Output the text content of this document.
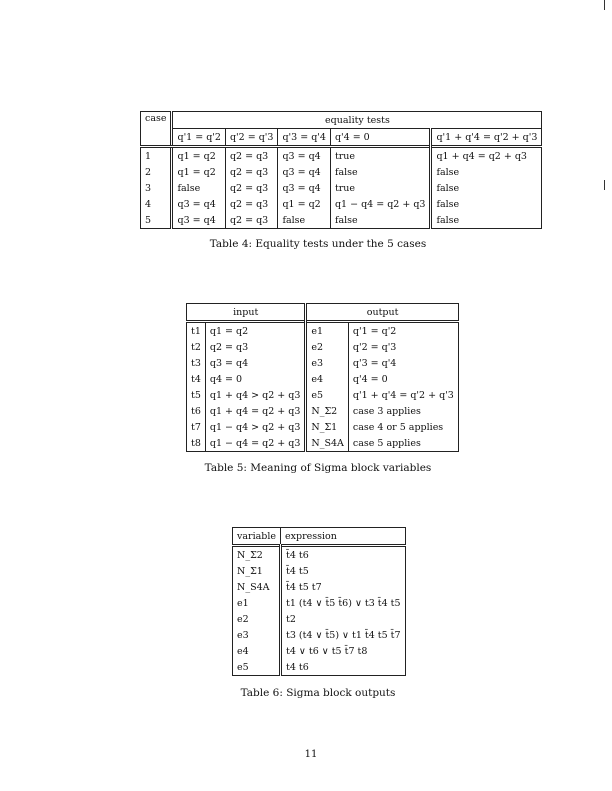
case	equality tests				
	q'1 = q'2	q'2 = q'3	q'3 = q'4	q'4 = 0	q'1 + q'4 = q'2 + q'3
1	q1 = q2	q2 = q3	q3 = q4	true	q1 + q4 = q2 + q3
2	q1 = q2	q2 = q3	q3 = q4	false	false
3	false	q2 = q3	q3 = q4	true	false
4	q3 = q4	q2 = q3	q1 = q2	q1 − q4 = q2 + q3	false
5	q3 = q4	q2 = q3	false	false	false
Table 4: Equality tests under the 5 cases
input		output	
t1	q1 = q2	e1	q'1 = q'2
t2	q2 = q3	e2	q'2 = q'3
t3	q3 = q4	e3	q'3 = q'4
t4	q4 = 0	e4	q'4 = 0
t5	q1 + q4 > q2 + q3	e5	q'1 + q'4 = q'2 + q'3
t6	q1 + q4 = q2 + q3	N_Σ2	case 3 applies
t7	q1 − q4 > q2 + q3	N_Σ1	case 4 or 5 applies
t8	q1 − q4 = q2 + q3	N_S4A	case 5 applies
Table 5: Meaning of Sigma block variables
variable	expression
N_Σ2	t̄4 t6
N_Σ1	t̄4 t5
N_S4A	t̄4 t5 t7
e1	t1 (t4 ∨ t̄5 t̄6) ∨ t3 t̄4 t5
e2	t2
e3	t3 (t4 ∨ t̄5) ∨ t1 t̄4 t5 t̄7
e4	t4 ∨ t6 ∨ t5 t̄7 t8
e5	t4 t6
Table 6: Sigma block outputs
11
